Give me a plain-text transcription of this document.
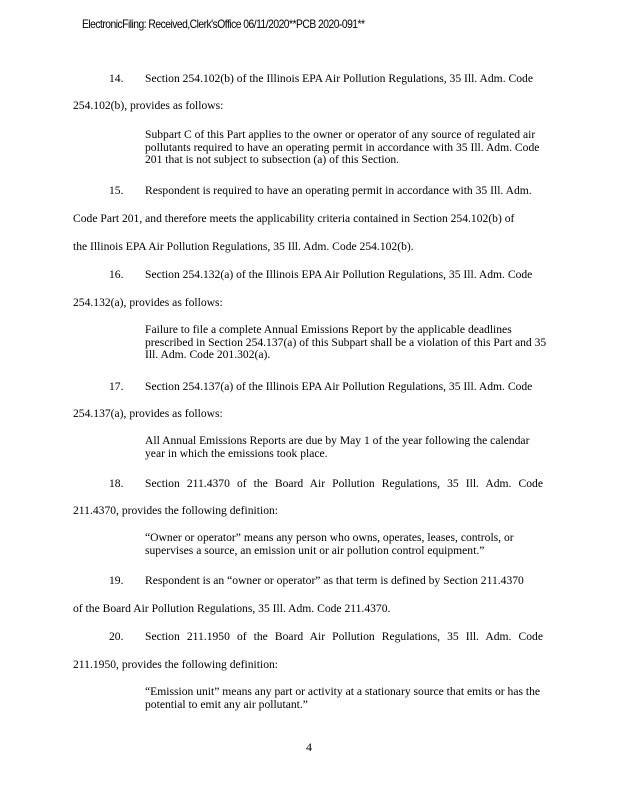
ElectronicFiling: Received,Clerk'sOffice 06/11/2020**PCB 2020-091**
14. Section 254.102(b) of the Illinois EPA Air Pollution Regulations, 35 Ill. Adm. Code
254.102(b), provides as follows:
Subpart C of this Part applies to the owner or operator of any source of regulated air pollutants required to have an operating permit in accordance with 35 Ill. Adm. Code 201 that is not subject to subsection (a) of this Section.
15. Respondent is required to have an operating permit in accordance with 35 Ill. Adm.
Code Part 201, and therefore meets the applicability criteria contained in Section 254.102(b) of
the Illinois EPA Air Pollution Regulations, 35 Ill. Adm. Code 254.102(b).
16. Section 254.132(a) of the Illinois EPA Air Pollution Regulations, 35 Ill. Adm. Code
254.132(a), provides as follows:
Failure to file a complete Annual Emissions Report by the applicable deadlines prescribed in Section 254.137(a) of this Subpart shall be a violation of this Part and 35 Ill. Adm. Code 201.302(a).
17. Section 254.137(a) of the Illinois EPA Air Pollution Regulations, 35 Ill. Adm. Code
254.137(a), provides as follows:
All Annual Emissions Reports are due by May 1 of the year following the calendar year in which the emissions took place.
18. Section 211.4370 of the Board Air Pollution Regulations, 35 Ill. Adm. Code
211.4370, provides the following definition:
“Owner or operator” means any person who owns, operates, leases, controls, or supervises a source, an emission unit or air pollution control equipment.”
19. Respondent is an “owner or operator” as that term is defined by Section 211.4370
of the Board Air Pollution Regulations, 35 Ill. Adm. Code 211.4370.
20. Section 211.1950 of the Board Air Pollution Regulations, 35 Ill. Adm. Code
211.1950, provides the following definition:
“Emission unit” means any part or activity at a stationary source that emits or has the potential to emit any air pollutant.”
4
